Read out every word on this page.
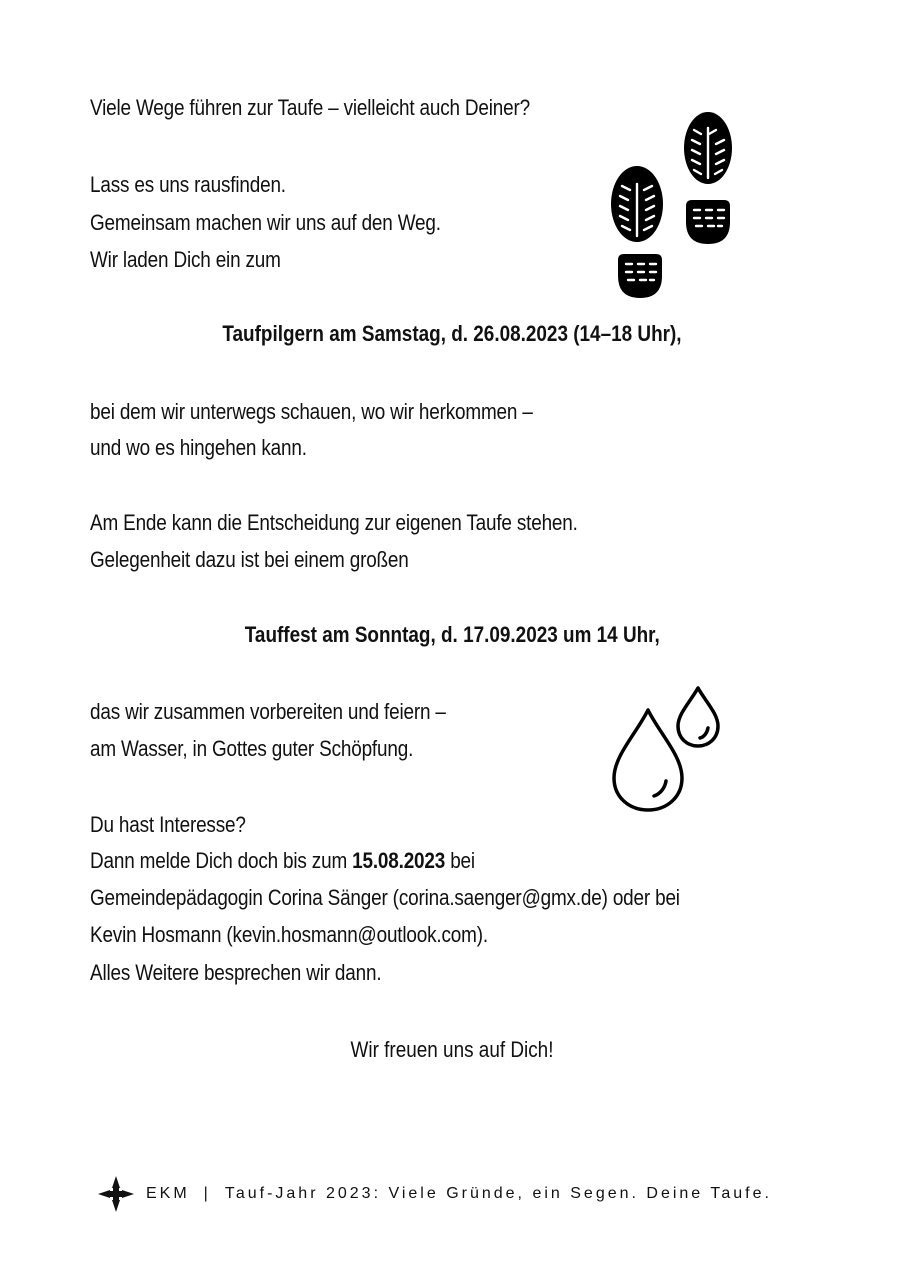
Viele Wege führen zur Taufe – vielleicht auch Deiner?
Lass es uns rausfinden.
Gemeinsam machen wir uns auf den Weg.
Wir laden Dich ein zum
Taufpilgern am Samstag, d. 26.08.2023 (14–18 Uhr),
bei dem wir unterwegs schauen, wo wir herkommen –
und wo es hingehen kann.
Am Ende kann die Entscheidung zur eigenen Taufe stehen.
Gelegenheit dazu ist bei einem großen
Tauffest am Sonntag, d. 17.09.2023 um 14 Uhr,
das wir zusammen vorbereiten und feiern –
am Wasser, in Gottes guter Schöpfung.
Du hast Interesse?
Dann melde Dich doch bis zum 15.08.2023 bei
Gemeindepädagogin Corina Sänger (corina.saenger@gmx.de) oder bei
Kevin Hosmann (kevin.hosmann@outlook.com).
Alles Weitere besprechen wir dann.
Wir freuen uns auf Dich!
EKM | Tauf-Jahr 2023: Viele Gründe, ein Segen. Deine Taufe.
